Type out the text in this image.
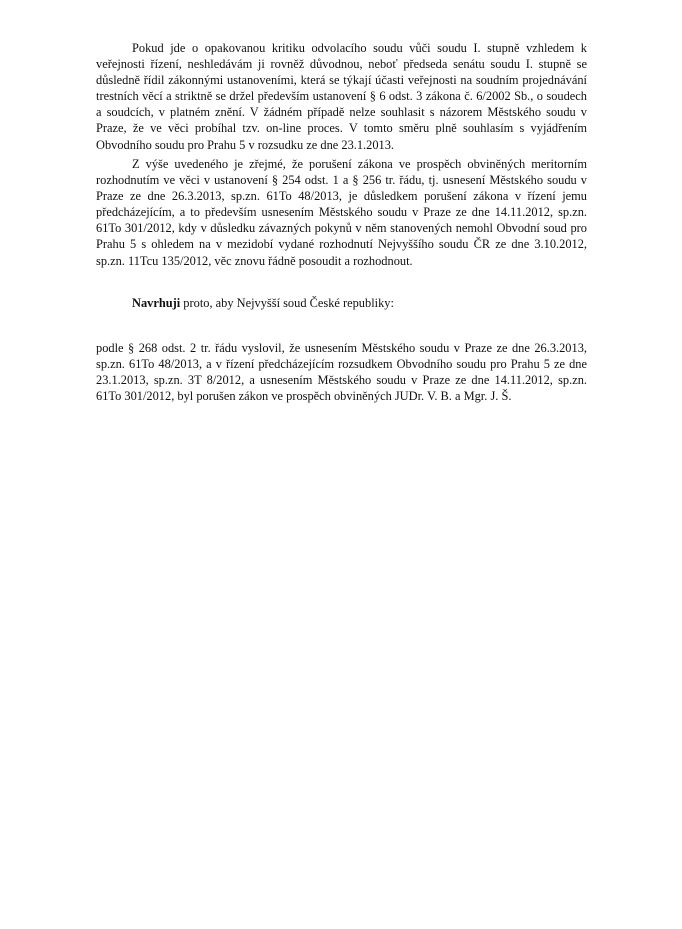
Pokud jde o opakovanou kritiku odvolacího soudu vůči soudu I. stupně vzhledem k veřejnosti řízení, neshledávám ji rovněž důvodnou, neboť předseda senátu soudu I. stupně se důsledně řídil zákonnými ustanoveními, která se týkají účasti veřejnosti na soudním projednávání trestních věcí a striktně se držel především ustanovení § 6 odst. 3 zákona č. 6/2002 Sb., o soudech a soudcích, v platném znění. V žádném případě nelze souhlasit s názorem Městského soudu v Praze, že ve věci probíhal tzv. on-line proces. V tomto směru plně souhlasím s vyjádřením Obvodního soudu pro Prahu 5 v rozsudku ze dne 23.1.2013.

Z výše uvedeného je zřejmé, že porušení zákona ve prospěch obviněných meritorním rozhodnutím ve věci v ustanovení § 254 odst. 1 a § 256 tr. řádu, tj. usnesení Městského soudu v Praze ze dne 26.3.2013, sp.zn. 61To 48/2013, je důsledkem porušení zákona v řízení jemu předcházejícím, a to především usnesením Městského soudu v Praze ze dne 14.11.2012, sp.zn. 61To 301/2012, kdy v důsledku závazných pokynů v něm stanovených nemohl Obvodní soud pro Prahu 5 s ohledem na v mezidobí vydané rozhodnutí Nejvyššího soudu ČR ze dne 3.10.2012, sp.zn. 11Tcu 135/2012, věc znovu řádně posoudit a rozhodnout.

Navrhuji proto, aby Nejvyšší soud České republiky:

podle § 268 odst. 2 tr. řádu vyslovil, že usnesením Městského soudu v Praze ze dne 26.3.2013, sp.zn. 61To 48/2013, a v řízení předcházejícím rozsudkem Obvodního soudu pro Prahu 5 ze dne 23.1.2013, sp.zn. 3T 8/2012, a usnesením Městského soudu v Praze ze dne 14.11.2012, sp.zn. 61To 301/2012, byl porušen zákon ve prospěch obviněných JUDr. V. B. a Mgr. J. Š.
